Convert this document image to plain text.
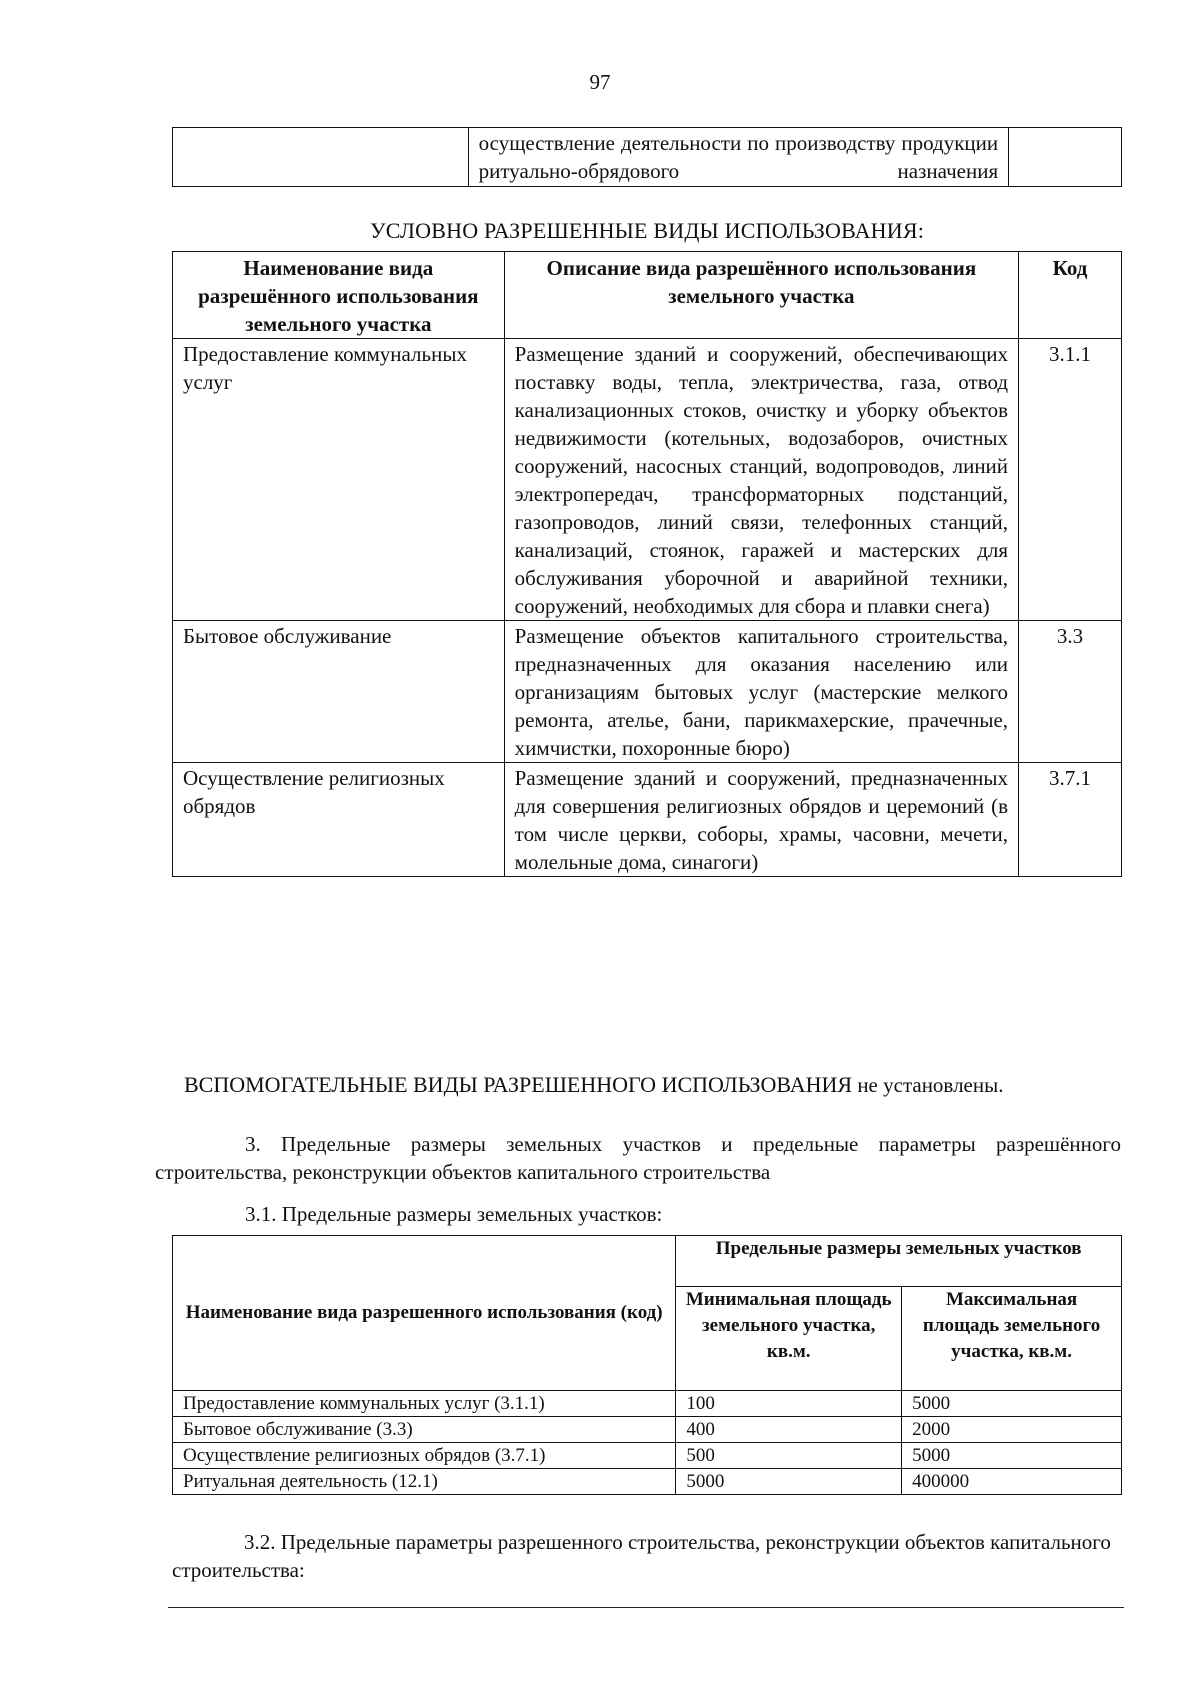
97
	осуществление деятельности по производству продукции ритуально-обрядового назначения	
УСЛОВНО РАЗРЕШЕННЫЕ ВИДЫ ИСПОЛЬЗОВАНИЯ:
Наименование вида разрешённого использования земельного участка	Описание вида разрешённого использования земельного участка	Код
Предоставление коммунальных услуг	Размещение зданий и сооружений, обеспечивающих поставку воды, тепла, электричества, газа, отвод канализационных стоков, очистку и уборку объектов недвижимости (котельных, водозаборов, очистных сооружений, насосных станций, водопроводов, линий электропередач, трансформаторных подстанций, газопроводов, линий связи, телефонных станций, канализаций, стоянок, гаражей и мастерских для обслуживания уборочной и аварийной техники, сооружений, необходимых для сбора и плавки снега)	3.1.1
Бытовое обслуживание	Размещение объектов капитального строительства, предназначенных для оказания населению или организациям бытовых услуг (мастерские мелкого ремонта, ателье, бани, парикмахерские, прачечные, химчистки, похоронные бюро)	3.3
Осуществление религиозных обрядов	Размещение зданий и сооружений, предназначенных для совершения религиозных обрядов и церемоний (в том числе церкви, соборы, храмы, часовни, мечети, молельные дома, синагоги)	3.7.1
ВСПОМОГАТЕЛЬНЫЕ ВИДЫ РАЗРЕШЕННОГО ИСПОЛЬЗОВАНИЯ не установлены.
3. Предельные размеры земельных участков и предельные параметры разрешённого строительства, реконструкции объектов капитального строительства
3.1. Предельные размеры земельных участков:
Наименование вида разрешенного использования (код)	Предельные размеры земельных участков	
	Минимальная площадь земельного участка, кв.м.	Максимальная площадь земельного участка, кв.м.
Предоставление коммунальных услуг (3.1.1)	100	5000
Бытовое обслуживание (3.3)	400	2000
Осуществление религиозных обрядов (3.7.1)	500	5000
Ритуальная деятельность (12.1)	5000	400000
3.2. Предельные параметры разрешенного строительства, реконструкции объектов капитального строительства:
